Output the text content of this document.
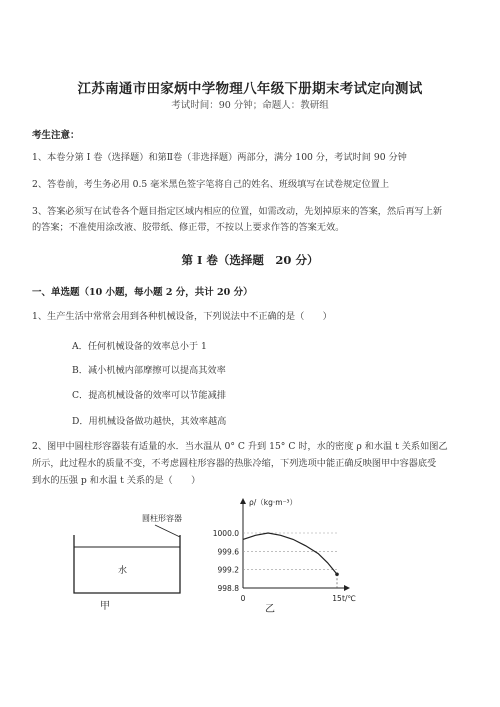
江苏南通市田家炳中学物理八年级下册期末考试定向测试
考试时间：90 分钟；命题人：教研组
考生注意：
1、本卷分第 I 卷（选择题）和第Ⅱ卷（非选择题）两部分，满分 100 分，考试时间 90 分钟
2、答卷前，考生务必用 0.5 毫米黑色签字笔将自己的姓名、班级填写在试卷规定位置上
3、答案必须写在试卷各个题目指定区域内相应的位置，如需改动，先划掉原来的答案，然后再写上新
的答案；不准使用涂改液、胶带纸、修正带，不按以上要求作答的答案无效。
第 I 卷（选择题　20 分）
一、单选题（10 小题，每小题 2 分，共计 20 分）
1、生产生活中常常会用到各种机械设备，下列说法中不正确的是（　　）
A．任何机械设备的效率总小于 1
B．减小机械内部摩擦可以提高其效率
C．提高机械设备的效率可以节能减排
D．用机械设备做功越快，其效率越高
2、图甲中圆柱形容器装有适量的水．当水温从 0° C 升到 15° C 时，水的密度 ρ 和水温 t 关系如图乙
所示，此过程水的质量不变，不考虑圆柱形容器的热胀冷缩，下列选项中能正确反映图甲中容器底受
到水的压强 p 和水温 t 关系的是（　　）
圆柱形容器
水
甲
ρ/（kg·m⁻³）
t/℃
1000.0
999.6
999.2
998.8
0	15
乙
